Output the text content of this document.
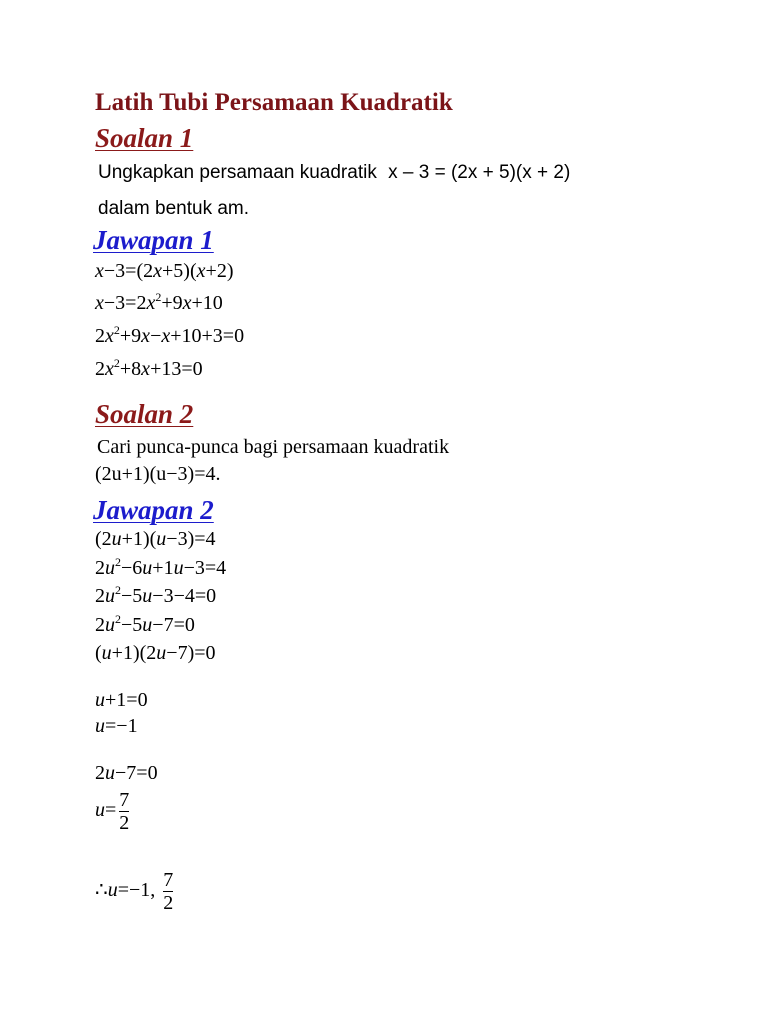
Latih Tubi Persamaan Kuadratik
Soalan 1
Ungkapkan persamaan kuadratik x – 3 = (2x + 5)(x + 2)
dalam bentuk am.
Jawapan 1
x−3=(2x+5)(x+2)
$x-3=2x^2+9x+10$
$2x^2+9x-x+10+3=0$
$2x^2+8x+13=0$
Soalan 2
Cari punca-punca bagi persamaan kuadratik
(2u+1)(u−3)=4.
Jawapan 2
(2u+1)(u−3)=4
$2u^2-6u+1u-3=4$
$2u^2-5u-3-4=0$
$2u^2-5u-7=0$
(u+1)(2u−7)=0
u+1=0
u=−1
2u−7=0
$u= \frac{7}{2}$
∴u=−1, $\frac{7}{2}$
